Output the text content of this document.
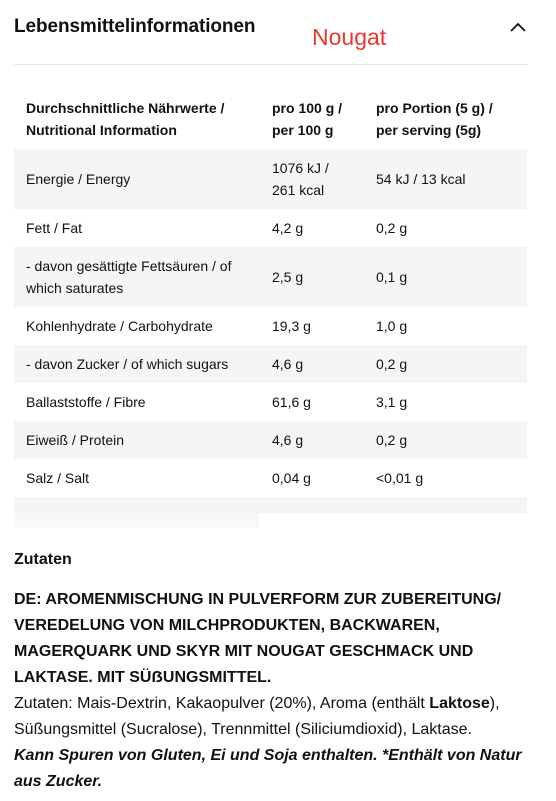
Lebensmittelinformationen Nougat
Durchschnittliche Nährwerte / Nutritional Information	pro 100 g / per 100 g	pro Portion (5 g) / per serving (5g)
Energie / Energy	1076 kJ / 261 kcal	54 kJ / 13 kcal
Fett / Fat	4,2 g	0,2 g
- davon gesättigte Fettsäuren / of which saturates	2,5 g	0,1 g
Kohlenhydrate / Carbohydrate	19,3 g	1,0 g
- davon Zucker / of which sugars	4,6 g	0,2 g
Ballaststoffe / Fibre	61,6 g	3,1 g
Eiweiß / Protein	4,6 g	0,2 g
Salz / Salt	0,04 g	<0,01 g
Zutaten
DE: AROMENMISCHUNG IN PULVERFORM ZUR ZUBEREITUNG/ VEREDELUNG VON MILCHPRODUKTEN, BACKWAREN, MAGERQUARK UND SKYR MIT NOUGAT GESCHMACK UND LAKTASE. MIT SÜẞUNGSMITTEL.
Zutaten: Mais-Dextrin, Kakaopulver (20%), Aroma (enthält Laktose), Süßungsmittel (Sucralose), Trennmittel (Siliciumdioxid), Laktase.
Kann Spuren von Gluten, Ei und Soja enthalten. *Enthält von Natur aus Zucker.
